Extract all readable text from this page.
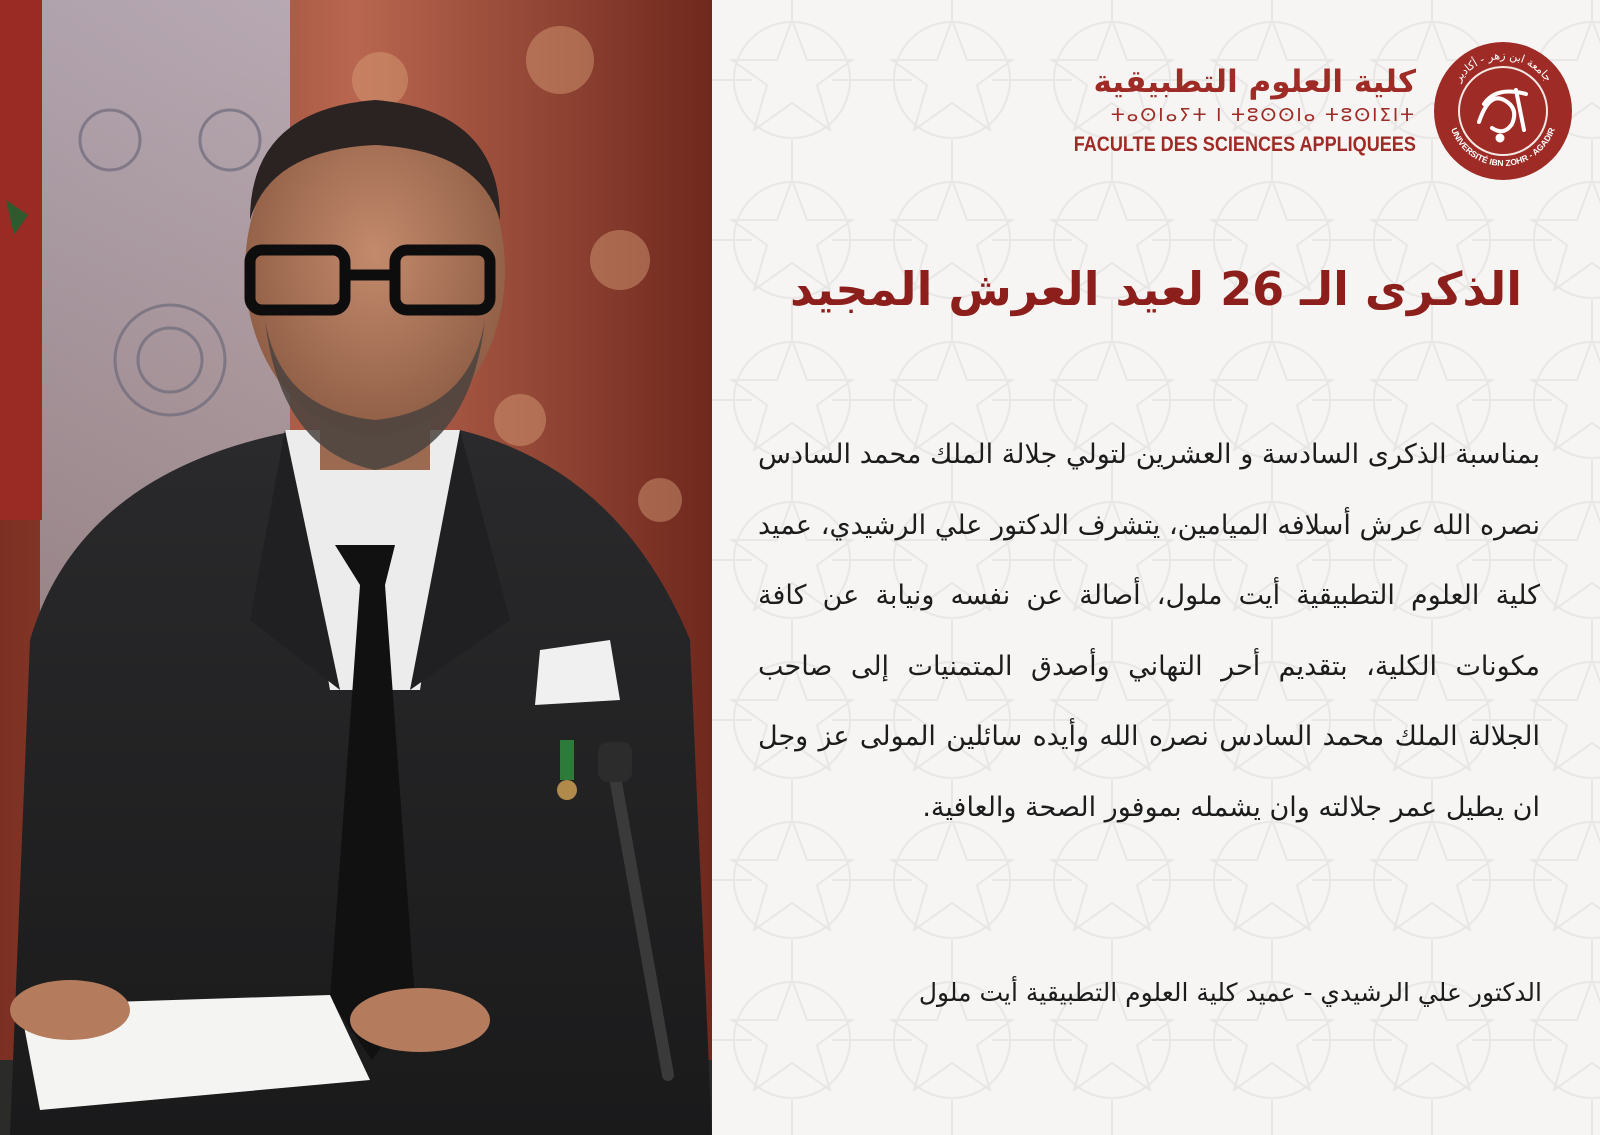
كلية العلوم التطبيقية
ⵜⴰⵙⵏⴰⵢⵜ ⵏ ⵜⵓⵙⵙⵏⴰ ⵜⵓⵙⵏⵉⵏⵜ
FACULTE DES SCIENCES APPLIQUEES
جامعة ابن زهر - أكادير
UNIVERSITÉ IBN ZOHR - AGADIR
الذكرى الـ 26 لعيد العرش المجيد

بمناسبة الذكرى السادسة و العشرين لتولي جلالة الملك محمد السادس نصره الله عرش أسلافه الميامين، يتشرف الدكتور علي الرشيدي، عميد كلية العلوم التطبيقية أيت ملول، أصالة عن نفسه ونيابة عن كافة مكونات الكلية، بتقديم أحر التهاني وأصدق المتمنيات إلى صاحب الجلالة الملك محمد السادس نصره الله وأيده سائلين المولى عز وجل ان يطيل عمر جلالته وان يشمله بموفور الصحة والعافية.

الدكتور علي الرشيدي - عميد كلية العلوم التطبيقية أيت ملول
